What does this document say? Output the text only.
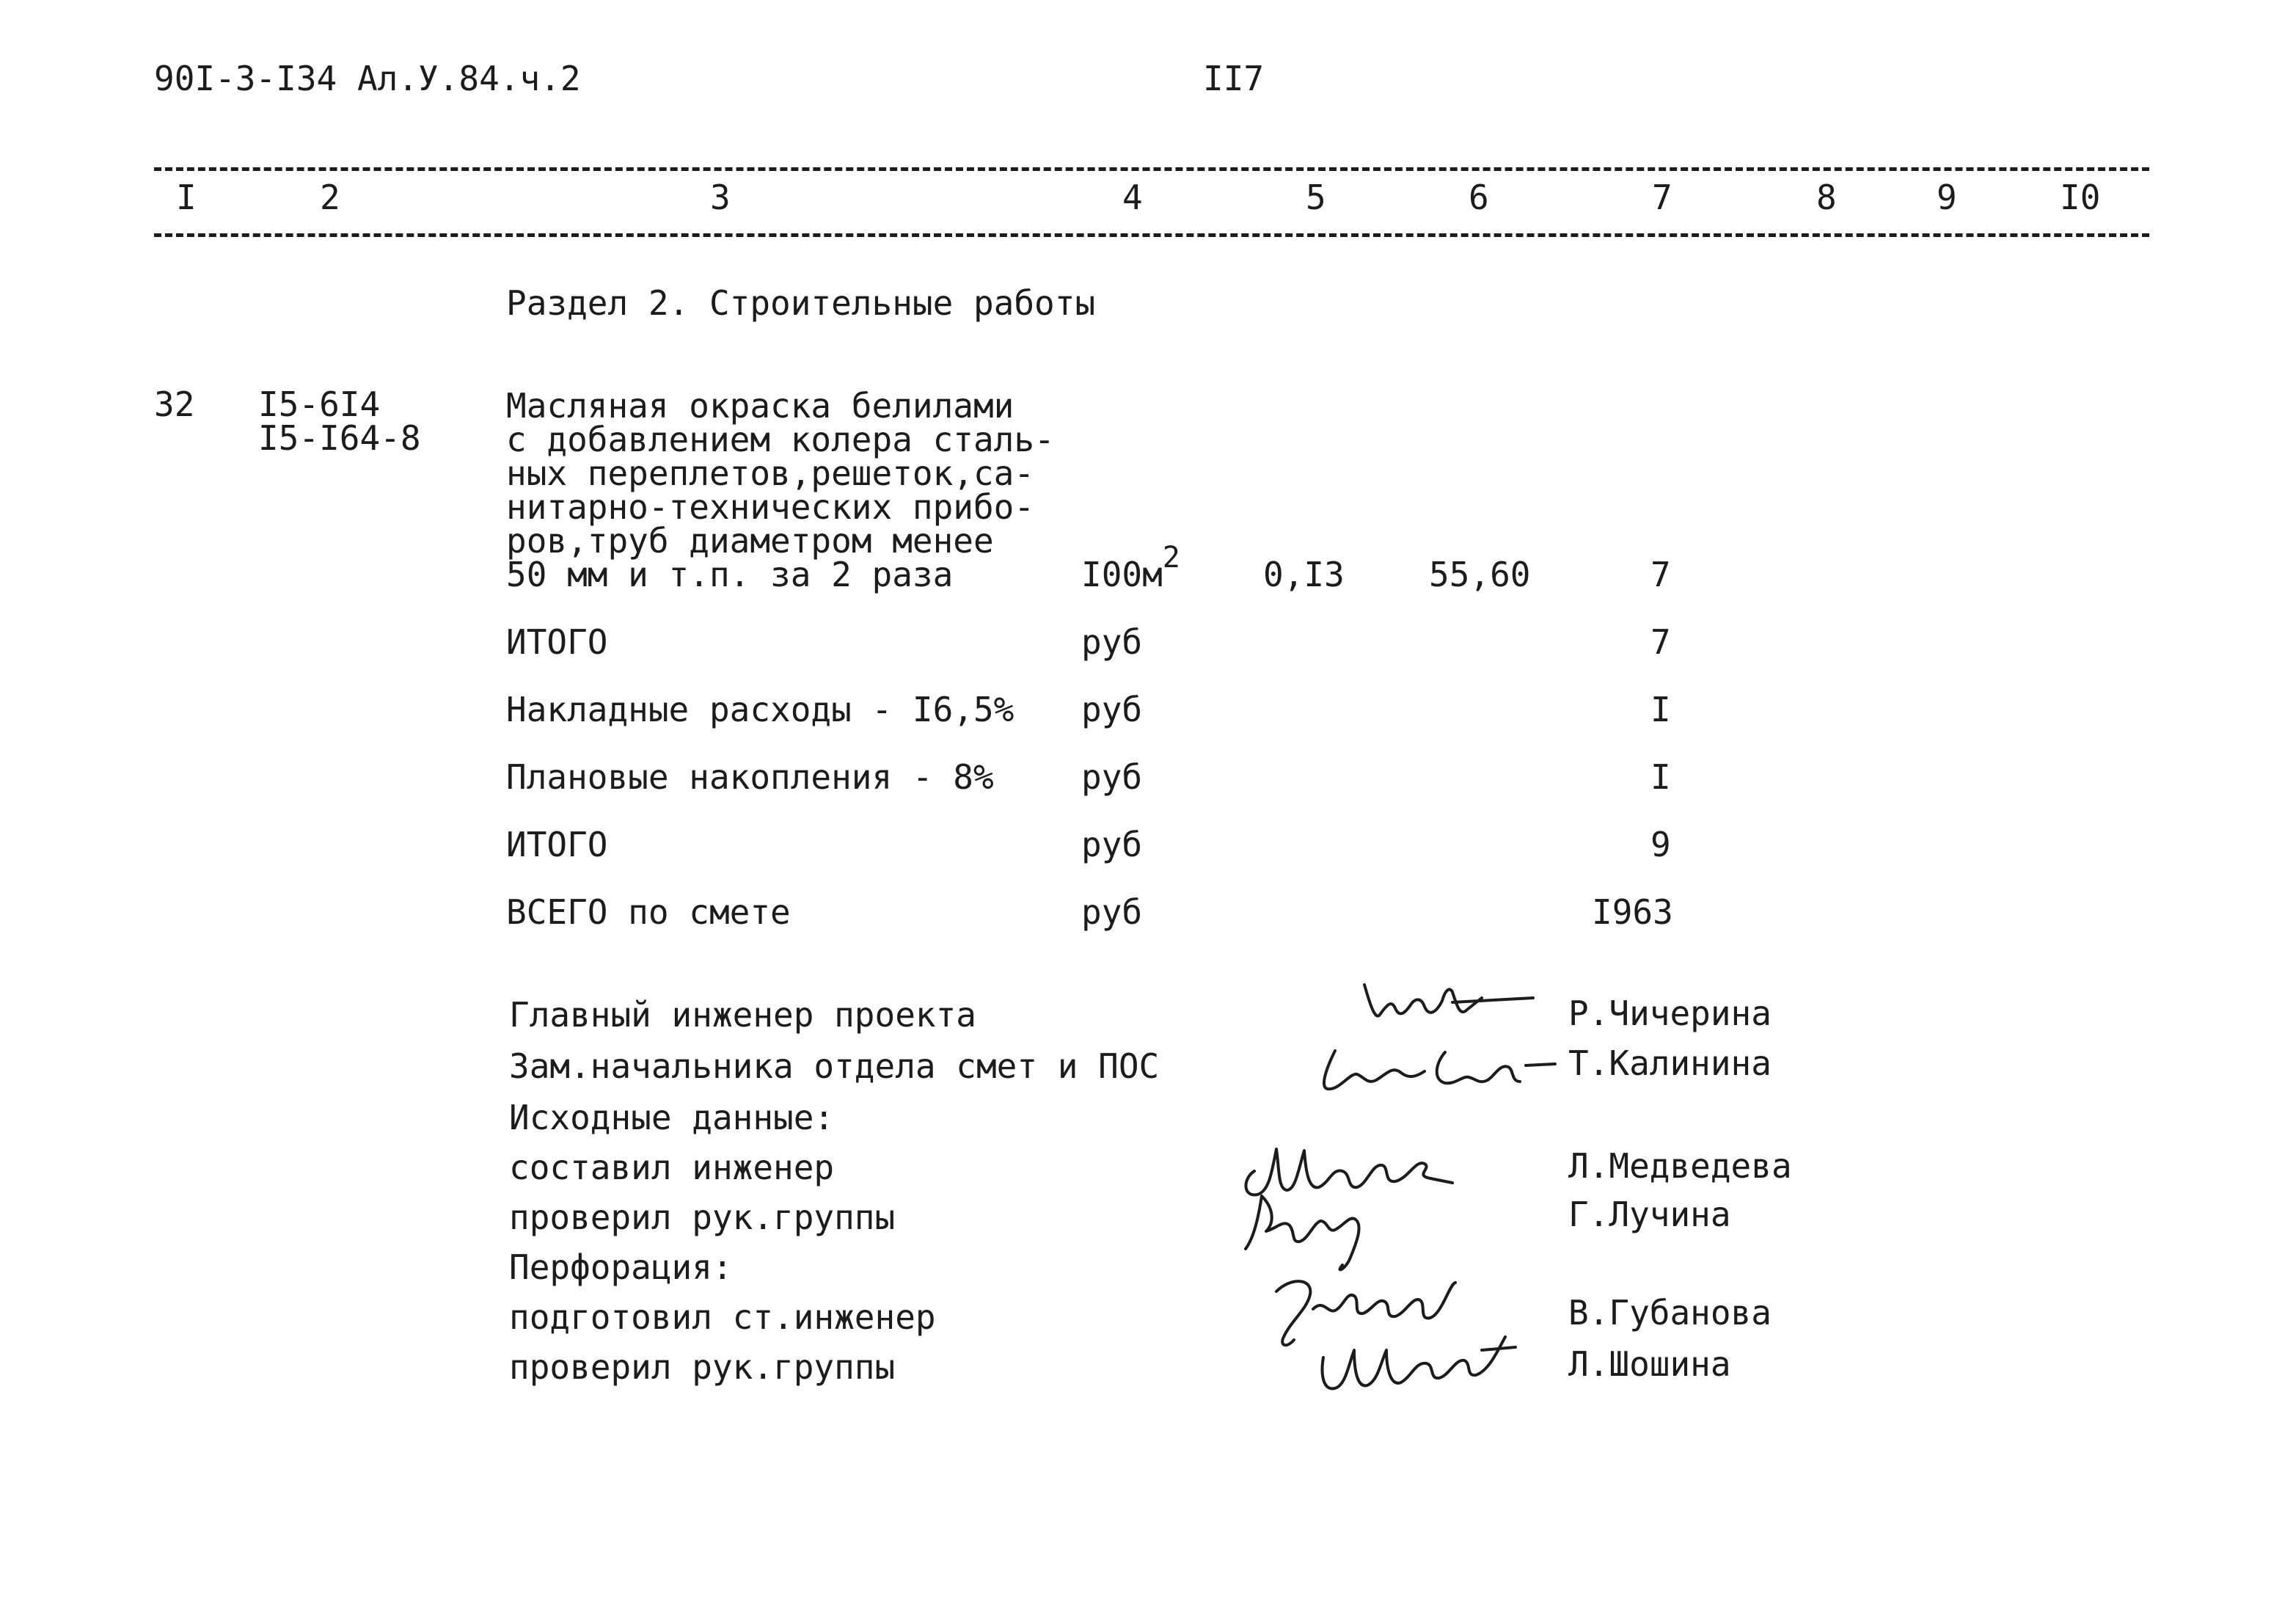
90I-3-I34 Ал.У.84.ч.2	II7
I	2	3	4	5	6	7	8	9	I0
Раздел 2. Строительные работы
32 I5-6I4
I5-I64-8
Масляная окраска белилами
с добавлением колера сталь-
ных переплетов,решеток,са-
нитарно-технических прибо-
ров,труб диаметром менее
50 мм и т.п. за 2 раза	I00м2 0,I3	55,60	7
ИТОГО	руб	7
Накладные расходы - I6,5% руб	I
Плановые накопления - 8%	руб	I
ИТОГО	руб	9
ВСЕГО по смете	руб	I963
Главный инженер проекта
Зам.начальника отдела смет и ПОС
Исходные данные:
составил инженер
проверил рук.группы
Перфорация:
подготовил ст.инженер
проверил рук.группы
Р.Чичерина
Т.Калинина
Л.Медведева
Г.Лучина
В.Губанова
Л.Шошина
